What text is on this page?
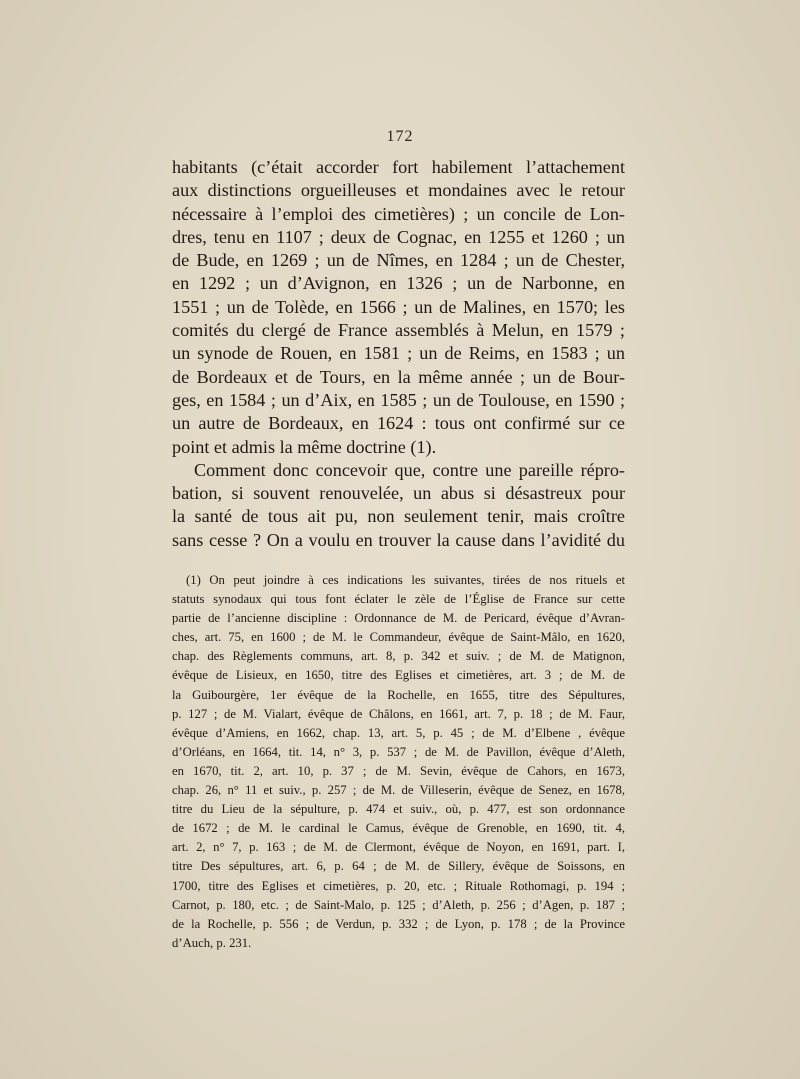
172

habitants (c’était accorder fort habilement l’attachement

aux distinctions orgueilleuses et mondaines avec le retour

nécessaire à l’emploi des cimetières) ; un concile de Lon-

dres, tenu en 1107 ; deux de Cognac, en 1255 et 1260 ; un

de Bude, en 1269 ; un de Nîmes, en 1284 ; un de Chester,

en 1292 ; un d’Avignon, en 1326 ; un de Narbonne, en

1551 ; un de Tolède, en 1566 ; un de Malines, en 1570; les

comités du clergé de France assemblés à Melun, en 1579 ;

un synode de Rouen, en 1581 ; un de Reims, en 1583 ; un

de Bordeaux et de Tours, en la même année ; un de Bour-

ges, en 1584 ; un d’Aix, en 1585 ; un de Toulouse, en 1590 ;

un autre de Bordeaux, en 1624 : tous ont confirmé sur ce

point et admis la même doctrine (1).

Comment donc concevoir que, contre une pareille répro-

bation, si souvent renouvelée, un abus si désastreux pour

la santé de tous ait pu, non seulement tenir, mais croître

sans cesse ? On a voulu en trouver la cause dans l’avidité du

(1) On peut joindre à ces indications les suivantes, tirées de nos rituels et

statuts synodaux qui tous font éclater le zèle de l’Église de France sur cette

partie de l’ancienne discipline : Ordonnance de M. de Pericard, évêque d’Avran-

ches, art. 75, en 1600 ; de M. le Commandeur, évêque de Saint-Mâlo, en 1620,

chap. des Règlements communs, art. 8, p. 342 et suiv. ; de M. de Matignon,

évêque de Lisieux, en 1650, titre des Eglises et cimetières, art. 3 ; de M. de

la Guibourgère, 1er évêque de la Rochelle, en 1655, titre des Sépultures,

p. 127 ; de M. Vialart, évêque de Châlons, en 1661, art. 7, p. 18 ; de M. Faur,

évêque d’Amiens, en 1662, chap. 13, art. 5, p. 45 ; de M. d’Elbene , évêque

d’Orléans, en 1664, tit. 14, n° 3, p. 537 ; de M. de Pavillon, évêque d’Aleth,

en 1670, tit. 2, art. 10, p. 37 ; de M. Sevin, évêque de Cahors, en 1673,

chap. 26, n° 11 et suiv., p. 257 ; de M. de Villeserin, évêque de Senez, en 1678,

titre du Lieu de la sépulture, p. 474 et suiv., où, p. 477, est son ordonnance

de 1672 ; de M. le cardinal le Camus, évêque de Grenoble, en 1690, tit. 4,

art. 2, n° 7, p. 163 ; de M. de Clermont, évêque de Noyon, en 1691, part. I,

titre Des sépultures, art. 6, p. 64 ; de M. de Sillery, évêque de Soissons, en

1700, titre des Eglises et cimetières, p. 20, etc. ; Rituale Rothomagi, p. 194 ;

Carnot, p. 180, etc. ; de Saint-Malo, p. 125 ; d’Aleth, p. 256 ; d’Agen, p. 187 ;

de la Rochelle, p. 556 ; de Verdun, p. 332 ; de Lyon, p. 178 ; de la Province

d’Auch, p. 231.
